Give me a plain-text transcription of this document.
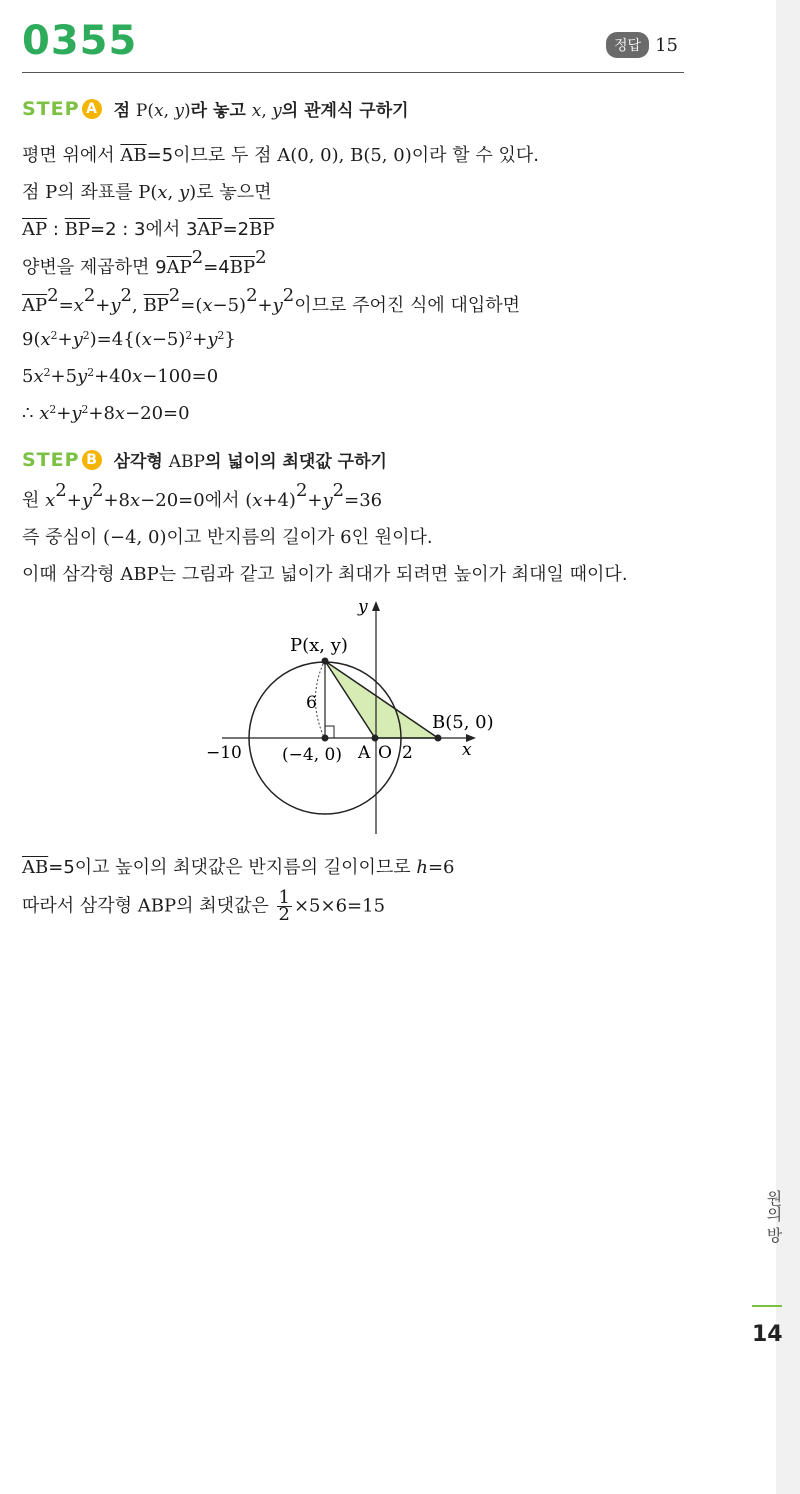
0355	정답 15
STEP A 점 P(x, y)라 놓고 x, y의 관계식 구하기
평면 위에서 $\overline{AB}=5$이므로 두 점 A(0, 0), B(5, 0)이라 할 수 있다.
점 P의 좌표를 P(x, y)로 놓으면
$\overline{AP}$ : $\overline{BP}=2$ : 3에서 $3\overline{AP}=2\overline{BP}$
양변을 제곱하면 $9\overline{AP}^2=4\overline{BP}^2$
$\overline{AP}^2=x^2+y^2$, $\overline{BP}^2=(x-5)^2+y^2$이므로 주어진 식에 대입하면
$9(x^2+y^2)=4\{(x-5)^2+y^2\}$
$5x^2+5y^2+40x-100=0$
∴ $x^2+y^2+8x-20=0$
STEP B 삼각형 ABP의 넓이의 최댓값 구하기
원 $x^2+y^2+8x-20=0$에서 $(x+4)^2+y^2=36$
즉 중심이 (−4, 0)이고 반지름의 길이가 6인 원이다.
이때 삼각형 ABP는 그림과 같고 넓이가 최대가 되려면 높이가 최대일 때이다.
y
x
P(x, y)
B(5, 0)
6
−10 (−4, 0) A O 2
$\overline{AB}=5$이고 높이의 최댓값은 반지름의 길이이므로 h=6
따라서 삼각형 ABP의 최댓값은 $\frac{1}{2} \times 5\times 6=15$
원의 방
14
